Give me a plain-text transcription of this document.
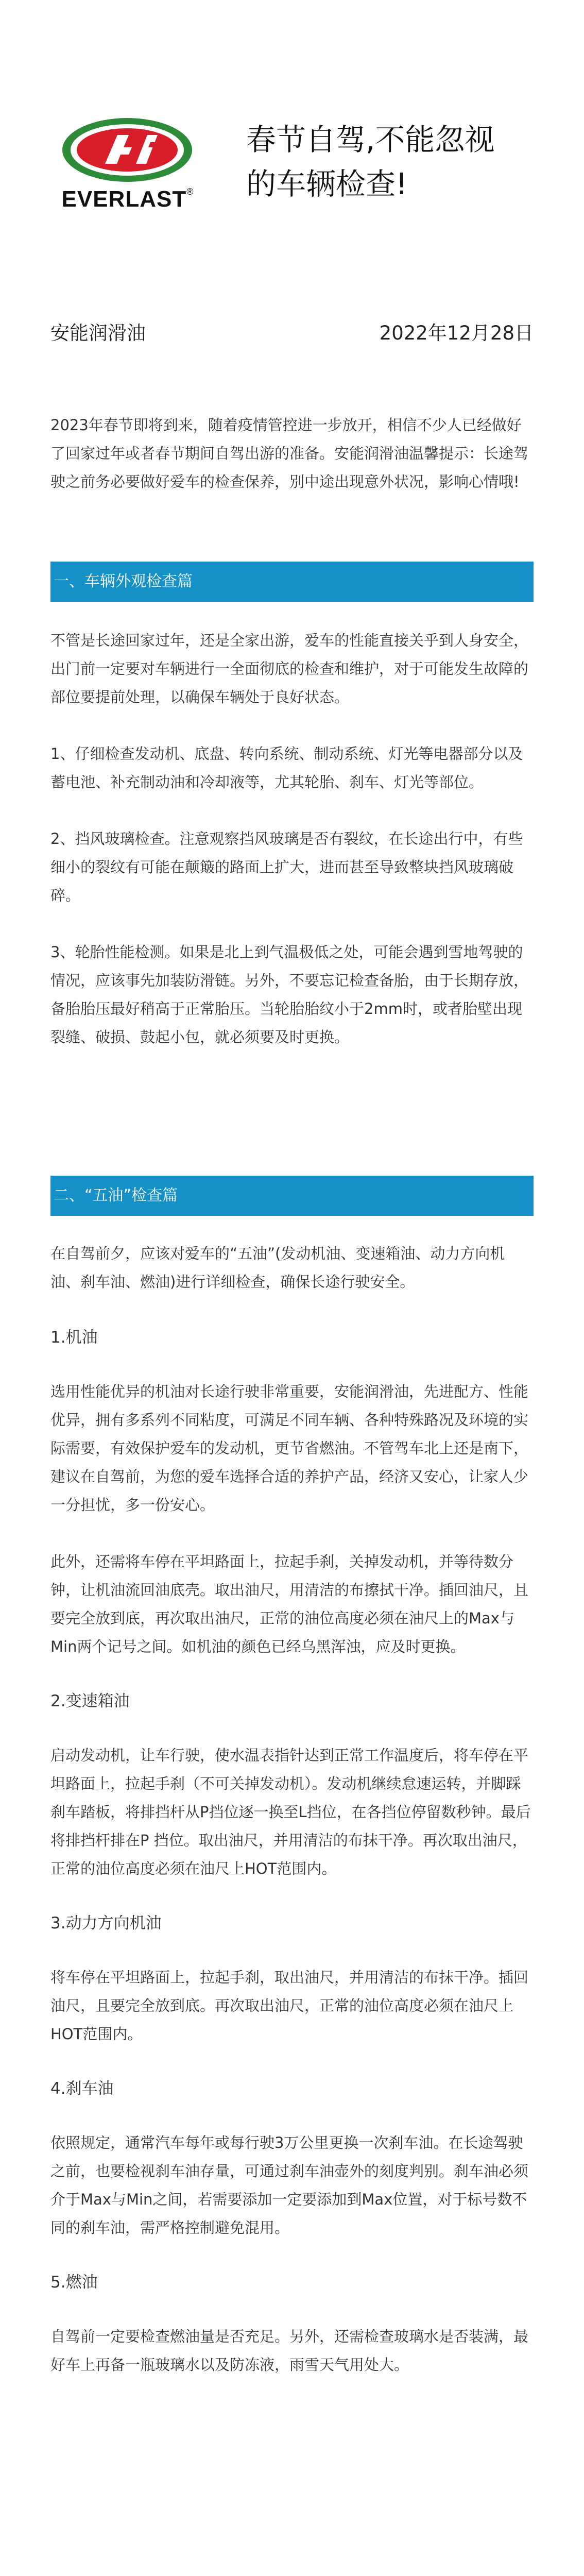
EVERLAST®
春节自驾,不能忽视
的车辆检查!
安能润滑油	2022年12月28日

2023年春节即将到来，随着疫情管控进一步放开，相信不少人已经做好了回家过年或者春节期间自驾出游的准备。安能润滑油温馨提示：长途驾驶之前务必要做好爱车的检查保养，别中途出现意外状况，影响心情哦!

一、车辆外观检查篇

不管是长途回家过年，还是全家出游，爱车的性能直接关乎到人身安全，出门前一定要对车辆进行一全面彻底的检查和维护，对于可能发生故障的部位要提前处理，以确保车辆处于良好状态。

1、仔细检查发动机、底盘、转向系统、制动系统、灯光等电器部分以及蓄电池、补充制动油和冷却液等，尤其轮胎、刹车、灯光等部位。

2、挡风玻璃检查。注意观察挡风玻璃是否有裂纹，在长途出行中，有些细小的裂纹有可能在颠簸的路面上扩大，进而甚至导致整块挡风玻璃破碎。

3、轮胎性能检测。如果是北上到气温极低之处，可能会遇到雪地驾驶的情况，应该事先加装防滑链。另外，不要忘记检查备胎，由于长期存放，备胎胎压最好稍高于正常胎压。当轮胎胎纹小于2mm时，或者胎壁出现裂缝、破损、鼓起小包，就必须要及时更换。

二、“五油”检查篇

在自驾前夕，应该对爱车的“五油”(发动机油、变速箱油、动力方向机油、刹车油、燃油)进行详细检查，确保长途行驶安全。

1.机油

选用性能优异的机油对长途行驶非常重要，安能润滑油，先进配方、性能优异，拥有多系列不同粘度，可满足不同车辆、各种特殊路况及环境的实际需要，有效保护爱车的发动机，更节省燃油。不管驾车北上还是南下，建议在自驾前，为您的爱车选择合适的养护产品，经济又安心，让家人少一分担忧，多一份安心。

此外，还需将车停在平坦路面上，拉起手刹，关掉发动机，并等待数分钟，让机油流回油底壳。取出油尺，用清洁的布擦拭干净。插回油尺，且要完全放到底，再次取出油尺，正常的油位高度必须在油尺上的Max与Min两个记号之间。如机油的颜色已经乌黑浑浊，应及时更换。

2.变速箱油

启动发动机，让车行驶，使水温表指针达到正常工作温度后，将车停在平坦路面上，拉起手刹（不可关掉发动机）。发动机继续怠速运转，并脚踩刹车踏板，将排挡杆从P挡位逐一换至L挡位，在各挡位停留数秒钟。最后将排挡杆排在P 挡位。取出油尺，并用清洁的布抹干净。再次取出油尺，正常的油位高度必须在油尺上HOT范围内。

3.动力方向机油

将车停在平坦路面上，拉起手刹，取出油尺，并用清洁的布抹干净。插回油尺，且要完全放到底。再次取出油尺，正常的油位高度必须在油尺上HOT范围内。

4.刹车油

依照规定，通常汽车每年或每行驶3万公里更换一次刹车油。在长途驾驶之前，也要检视刹车油存量，可通过刹车油壶外的刻度判别。刹车油必须介于Max与Min之间，若需要添加一定要添加到Max位置，对于标号数不同的刹车油，需严格控制避免混用。

5.燃油

自驾前一定要检查燃油量是否充足。另外，还需检查玻璃水是否装满，最好车上再备一瓶玻璃水以及防冻液，雨雪天气用处大。
